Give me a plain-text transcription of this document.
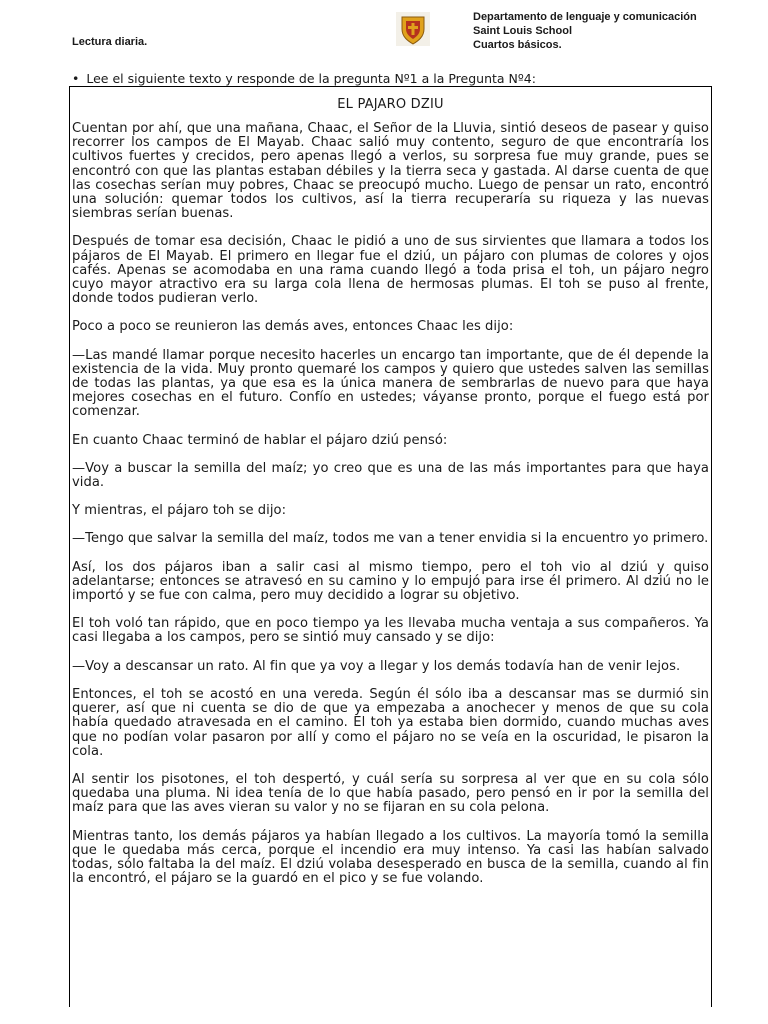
Lectura diaria.
Departamento de lenguaje y comunicación
Saint Louis School
Cuartos básicos.
• Lee el siguiente texto y responde de la pregunta Nº1 a la Pregunta Nº4:
EL PAJARO DZIU

Cuentan por ahí, que una mañana, Chaac, el Señor de la Lluvia, sintió deseos de pasear y quiso recorrer los campos de El Mayab. Chaac salió muy contento, seguro de que encontraría los cultivos fuertes y crecidos, pero apenas llegó a verlos, su sorpresa fue muy grande, pues se encontró con que las plantas estaban débiles y la tierra seca y gastada. Al darse cuenta de que las cosechas serían muy pobres, Chaac se preocupó mucho. Luego de pensar un rato, encontró una solución: quemar todos los cultivos, así la tierra recuperaría su riqueza y las nuevas siembras serían buenas.

Después de tomar esa decisión, Chaac le pidió a uno de sus sirvientes que llamara a todos los pájaros de El Mayab. El primero en llegar fue el dziú, un pájaro con plumas de colores y ojos cafés. Apenas se acomodaba en una rama cuando llegó a toda prisa el toh, un pájaro negro cuyo mayor atractivo era su larga cola llena de hermosas plumas. El toh se puso al frente, donde todos pudieran verlo.

Poco a poco se reunieron las demás aves, entonces Chaac les dijo:

—Las mandé llamar porque necesito hacerles un encargo tan importante, que de él depende la existencia de la vida. Muy pronto quemaré los campos y quiero que ustedes salven las semillas de todas las plantas, ya que esa es la única manera de sembrarlas de nuevo para que haya mejores cosechas en el futuro. Confío en ustedes; váyanse pronto, porque el fuego está por comenzar.

En cuanto Chaac terminó de hablar el pájaro dziú pensó:

—Voy a buscar la semilla del maíz; yo creo que es una de las más importantes para que haya vida.

Y mientras, el pájaro toh se dijo:

—Tengo que salvar la semilla del maíz, todos me van a tener envidia si la encuentro yo primero.

Así, los dos pájaros iban a salir casi al mismo tiempo, pero el toh vio al dziú y quiso adelantarse; entonces se atravesó en su camino y lo empujó para irse él primero. Al dziú no le importó y se fue con calma, pero muy decidido a lograr su objetivo.

El toh voló tan rápido, que en poco tiempo ya les llevaba mucha ventaja a sus compañeros. Ya casi llegaba a los campos, pero se sintió muy cansado y se dijo:

—Voy a descansar un rato. Al fin que ya voy a llegar y los demás todavía han de venir lejos.

Entonces, el toh se acostó en una vereda. Según él sólo iba a descansar mas se durmió sin querer, así que ni cuenta se dio de que ya empezaba a anochecer y menos de que su cola había quedado atravesada en el camino. El toh ya estaba bien dormido, cuando muchas aves que no podían volar pasaron por allí y como el pájaro no se veía en la oscuridad, le pisaron la cola.

Al sentir los pisotones, el toh despertó, y cuál sería su sorpresa al ver que en su cola sólo quedaba una pluma. Ni idea tenía de lo que había pasado, pero pensó en ir por la semilla del maíz para que las aves vieran su valor y no se fijaran en su cola pelona.

Mientras tanto, los demás pájaros ya habían llegado a los cultivos. La mayoría tomó la semilla que le quedaba más cerca, porque el incendio era muy intenso. Ya casi las habían salvado todas, sólo faltaba la del maíz. El dziú volaba desesperado en busca de la semilla, cuando al fin la encontró, el pájaro se la guardó en el pico y se fue volando.
